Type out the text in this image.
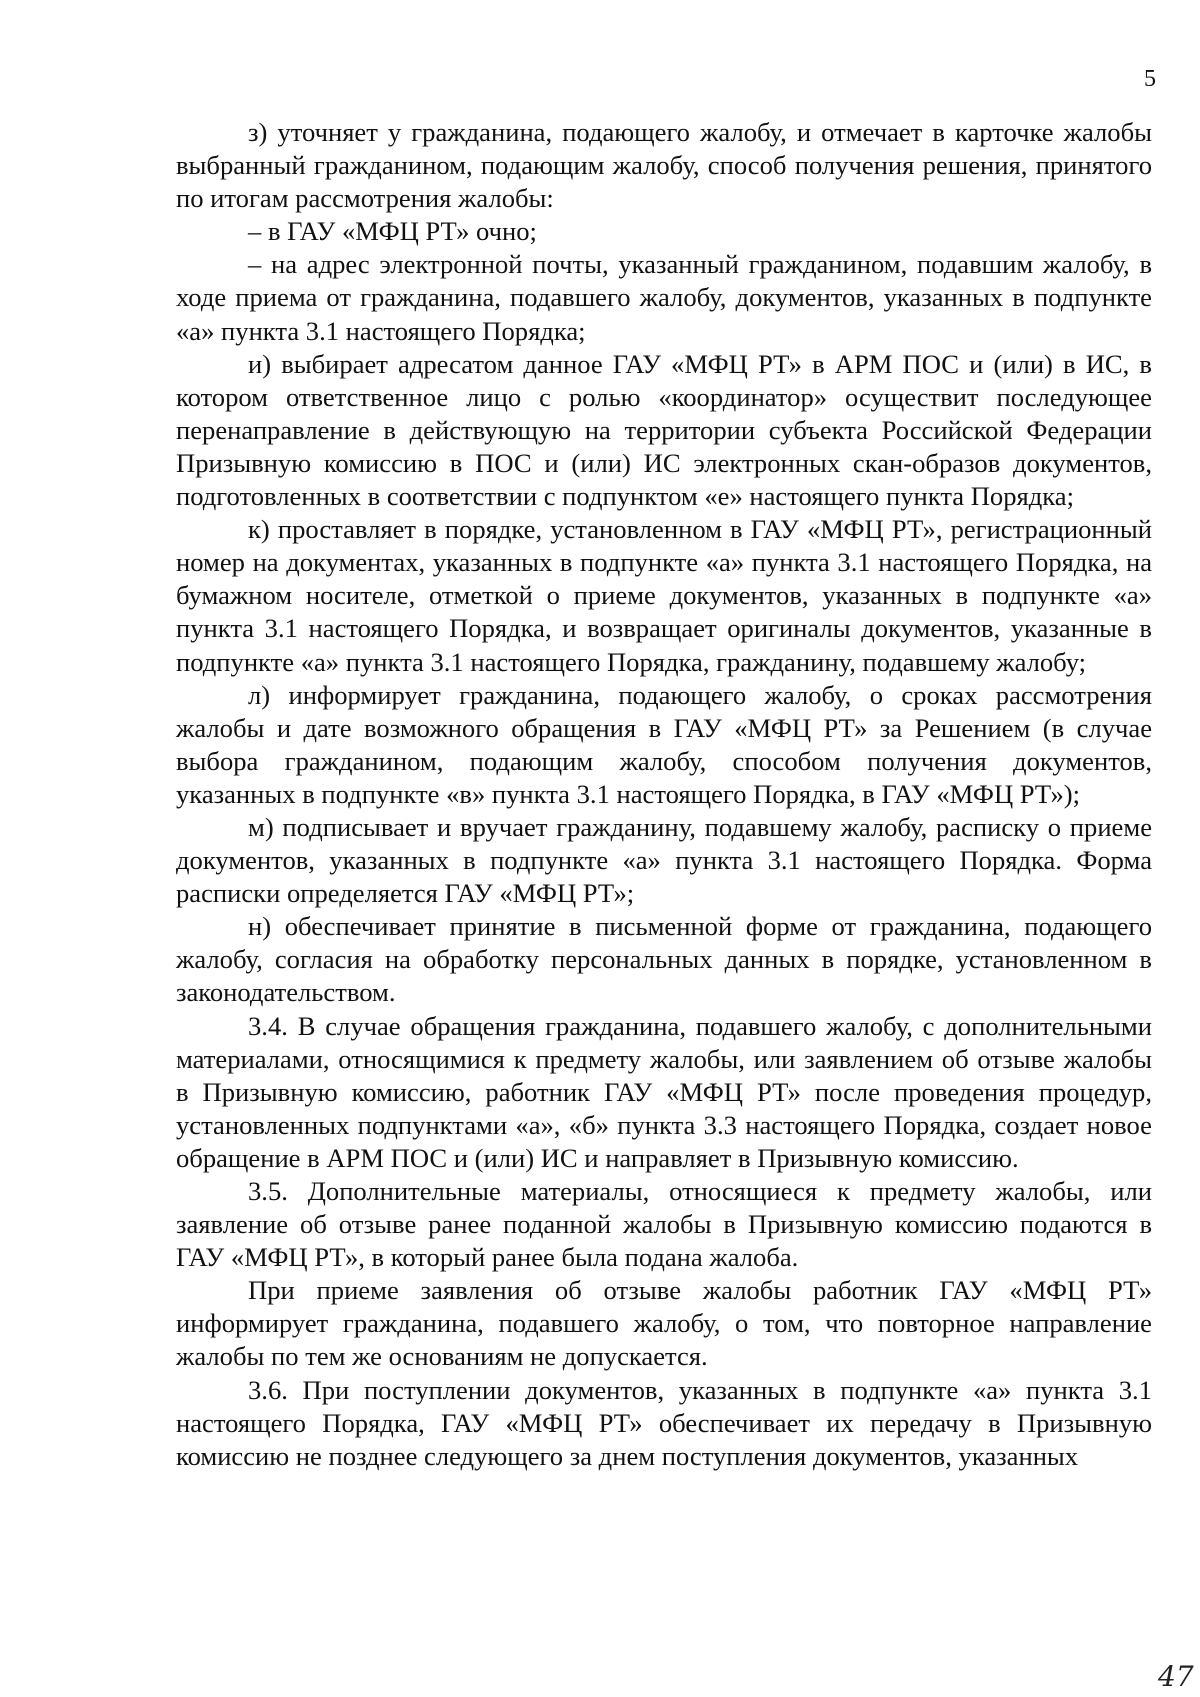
5

з) уточняет у гражданина, подающего жалобу, и отмечает в карточке жалобы выбранный гражданином, подающим жалобу, способ получения решения, принятого по итогам рассмотрения жалобы:

– в ГАУ «МФЦ РТ» очно;

– на адрес электронной почты, указанный гражданином, подавшим жалобу, в ходе приема от гражданина, подавшего жалобу, документов, указанных в подпункте «а» пункта 3.1 настоящего Порядка;

и) выбирает адресатом данное ГАУ «МФЦ РТ» в АРМ ПОС и (или) в ИС, в котором ответственное лицо с ролью «координатор» осуществит последующее перенаправление в действующую на территории субъекта Российской Федерации Призывную комиссию в ПОС и (или) ИС электронных скан-образов документов, подготовленных в соответствии с подпунктом «е» настоящего пункта Порядка;

к) проставляет в порядке, установленном в ГАУ «МФЦ РТ», регистрационный номер на документах, указанных в подпункте «а» пункта 3.1 настоящего Порядка, на бумажном носителе, отметкой о приеме документов, указанных в подпункте «а» пункта 3.1 настоящего Порядка, и возвращает оригиналы документов, указанные в подпункте «а» пункта 3.1 настоящего Порядка, гражданину, подавшему жалобу;

л) информирует гражданина, подающего жалобу, о сроках рассмотрения жалобы и дате возможного обращения в ГАУ «МФЦ РТ» за Решением (в случае выбора гражданином, подающим жалобу, способом получения документов, указанных в подпункте «в» пункта 3.1 настоящего Порядка, в ГАУ «МФЦ РТ»);

м) подписывает и вручает гражданину, подавшему жалобу, расписку о приеме документов, указанных в подпункте «а» пункта 3.1 настоящего Порядка. Форма расписки определяется ГАУ «МФЦ РТ»;

н) обеспечивает принятие в письменной форме от гражданина, подающего жалобу, согласия на обработку персональных данных в порядке, установленном в законодательством.

3.4. В случае обращения гражданина, подавшего жалобу, с дополнительными материалами, относящимися к предмету жалобы, или заявлением об отзыве жалобы в Призывную комиссию, работник ГАУ «МФЦ РТ» после проведения процедур, установленных подпунктами «а», «б» пункта 3.3 настоящего Порядка, создает новое обращение в АРМ ПОС и (или) ИС и направляет в Призывную комиссию.

3.5. Дополнительные материалы, относящиеся к предмету жалобы, или заявление об отзыве ранее поданной жалобы в Призывную комиссию подаются в ГАУ «МФЦ РТ», в который ранее была подана жалоба.

При приеме заявления об отзыве жалобы работник ГАУ «МФЦ РТ» информирует гражданина, подавшего жалобу, о том, что повторное направление жалобы по тем же основаниям не допускается.

3.6. При поступлении документов, указанных в подпункте «а» пункта 3.1 настоящего Порядка, ГАУ «МФЦ РТ» обеспечивает их передачу в Призывную комиссию не позднее следующего за днем поступления документов, указанных

47
